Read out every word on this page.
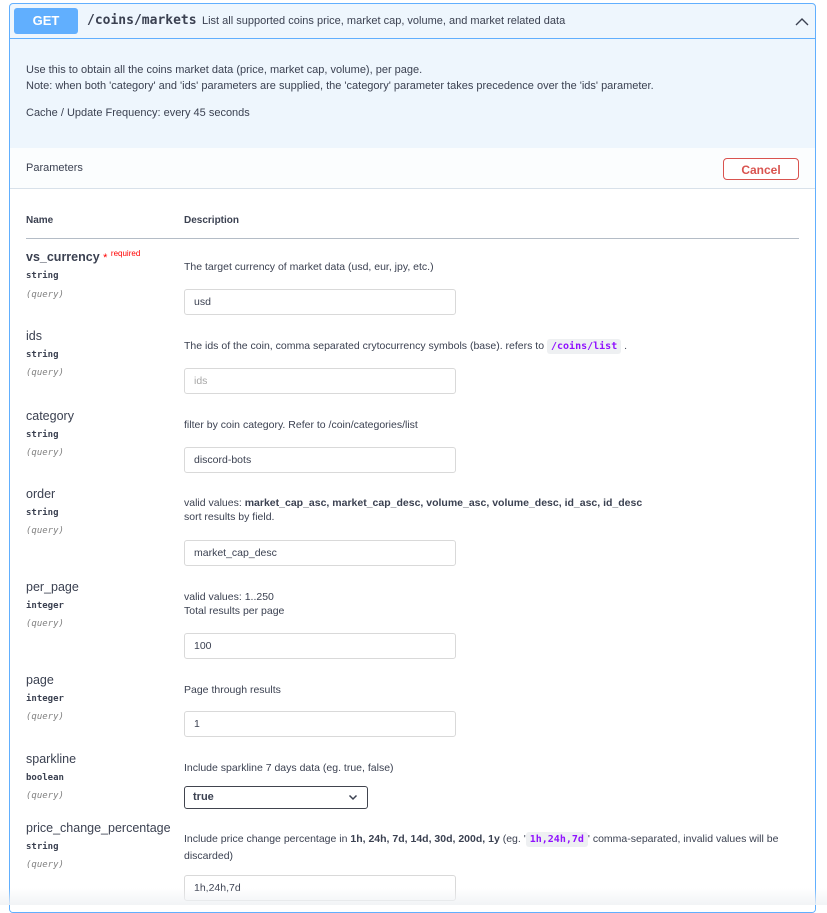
GET	/coins/markets List all supported coins price, market cap, volume, and market related data
Use this to obtain all the coins market data (price, market cap, volume), per page.
Note: when both 'category' and 'ids' parameters are supplied, the 'category' parameter takes precedence over the 'ids' parameter.
Cache / Update Frequency: every 45 seconds
Parameters	Cancel
Name	Description
vs_currency * $^{required}$
string
(query)
The target currency of market data (usd, eur, jpy, etc.)
usd
ids
string
(query)
The ids of the coin, comma separated crytocurrency symbols (base). refers to /coins/list .
ids
category
string
(query)
filter by coin category. Refer to /coin/categories/list
discord-bots
order
string
(query)
valid values: market_cap_asc, market_cap_desc, volume_asc, volume_desc, id_asc, id_desc
sort results by field.
market_cap_desc
per_page
integer
(query)
valid values: 1..250
Total results per page
100
page
integer
(query)
Page through results
1
sparkline
boolean
(query)
Include sparkline 7 days data (eg. true, false)
true
price_change_percentage
string
(query)
Include price change percentage in 1h, 24h, 7d, 14d, 30d, 200d, 1y (eg. ' 1h,24h,7d ' comma-separated, invalid values will be discarded)
1h,24h,7d
